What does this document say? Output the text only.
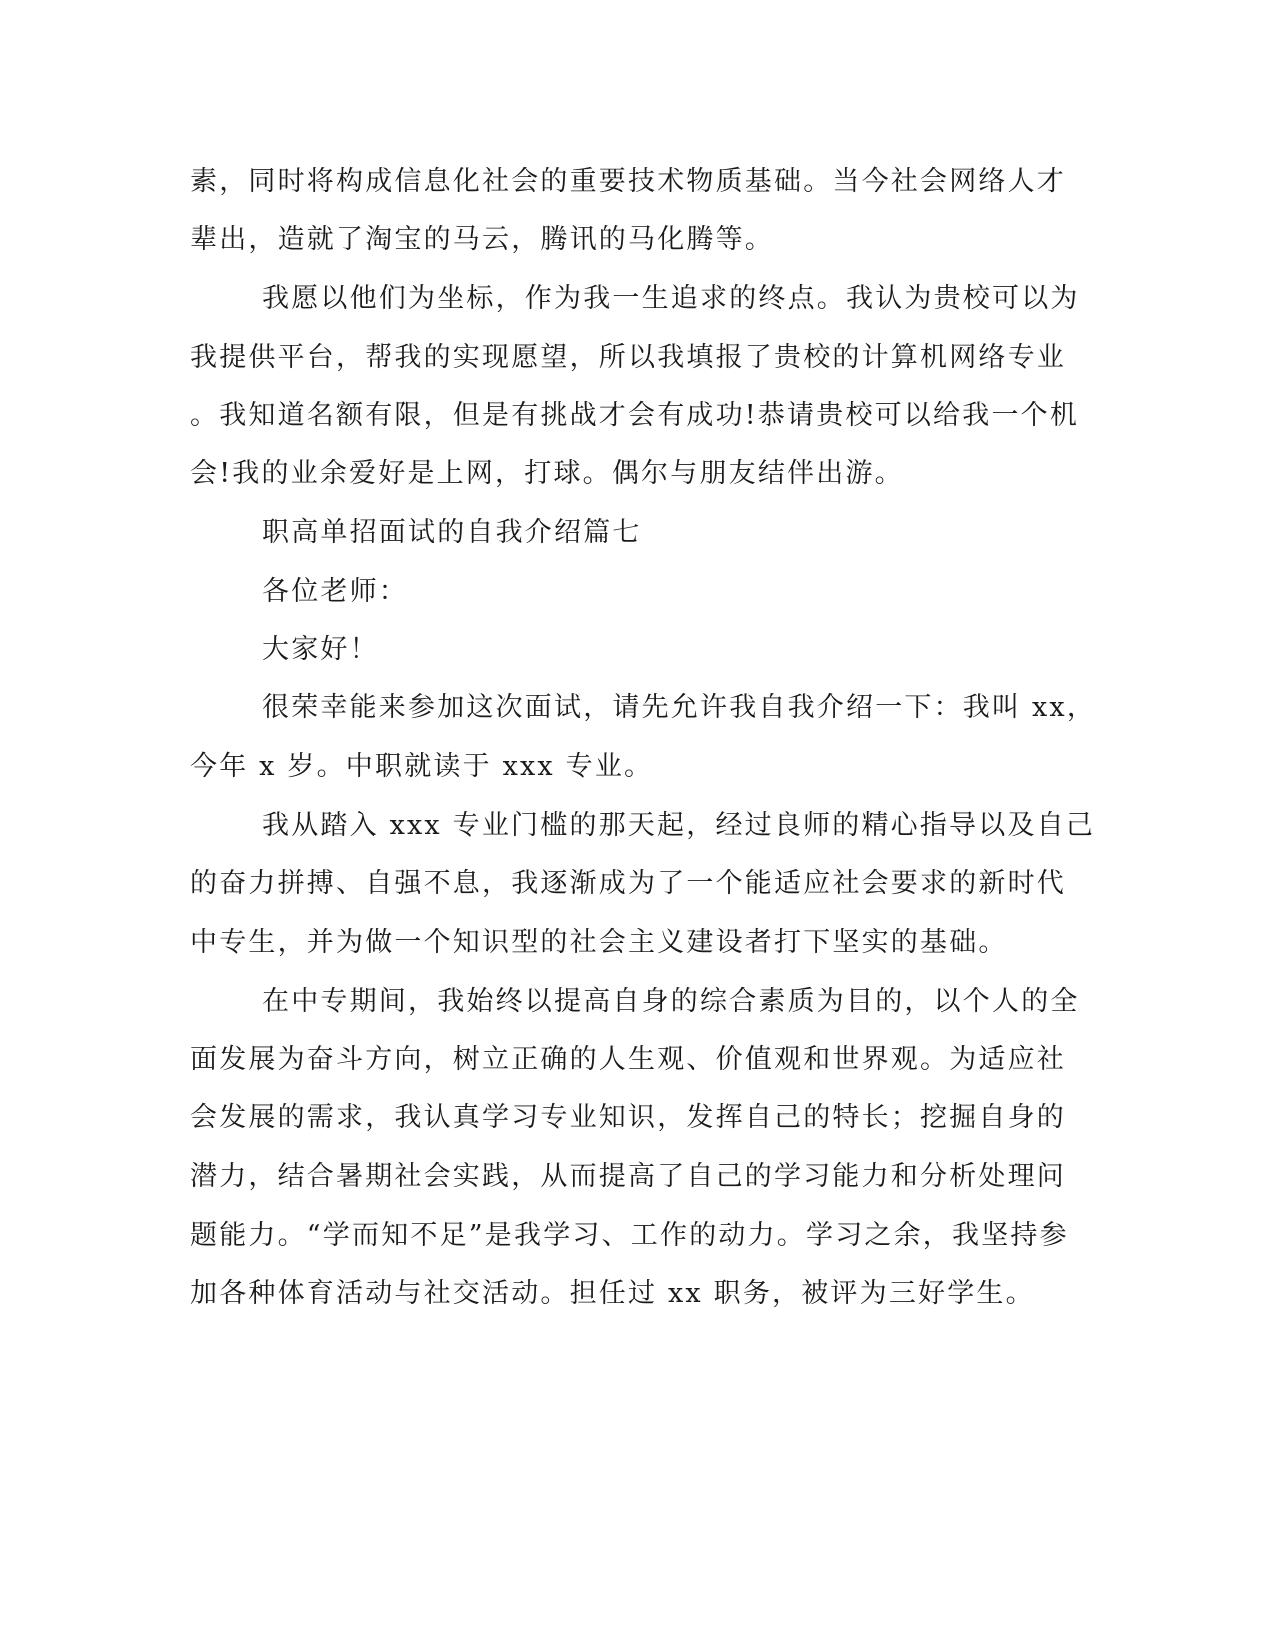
素，同时将构成信息化社会的重要技术物质基础。当今社会网络人才
辈出，造就了淘宝的马云，腾讯的马化腾等。
我愿以他们为坐标，作为我一生追求的终点。我认为贵校可以为
我提供平台，帮我的实现愿望，所以我填报了贵校的计算机网络专业
。我知道名额有限，但是有挑战才会有成功!恭请贵校可以给我一个机
会!我的业余爱好是上网，打球。偶尔与朋友结伴出游。
职高单招面试的自我介绍篇七
各位老师：
大家好！
很荣幸能来参加这次面试，请先允许我自我介绍一下：我叫 xx，
今年 x 岁。中职就读于 xxx 专业。
我从踏入 xxx 专业门槛的那天起，经过良师的精心指导以及自己
的奋力拼搏、自强不息，我逐渐成为了一个能适应社会要求的新时代
中专生，并为做一个知识型的社会主义建设者打下坚实的基础。
在中专期间，我始终以提高自身的综合素质为目的，以个人的全
面发展为奋斗方向，树立正确的人生观、价值观和世界观。为适应社
会发展的需求，我认真学习专业知识，发挥自己的特长；挖掘自身的
潜力，结合暑期社会实践，从而提高了自己的学习能力和分析处理问
题能力。“学而知不足”是我学习、工作的动力。学习之余，我坚持参
加各种体育活动与社交活动。担任过 xx 职务，被评为三好学生。
